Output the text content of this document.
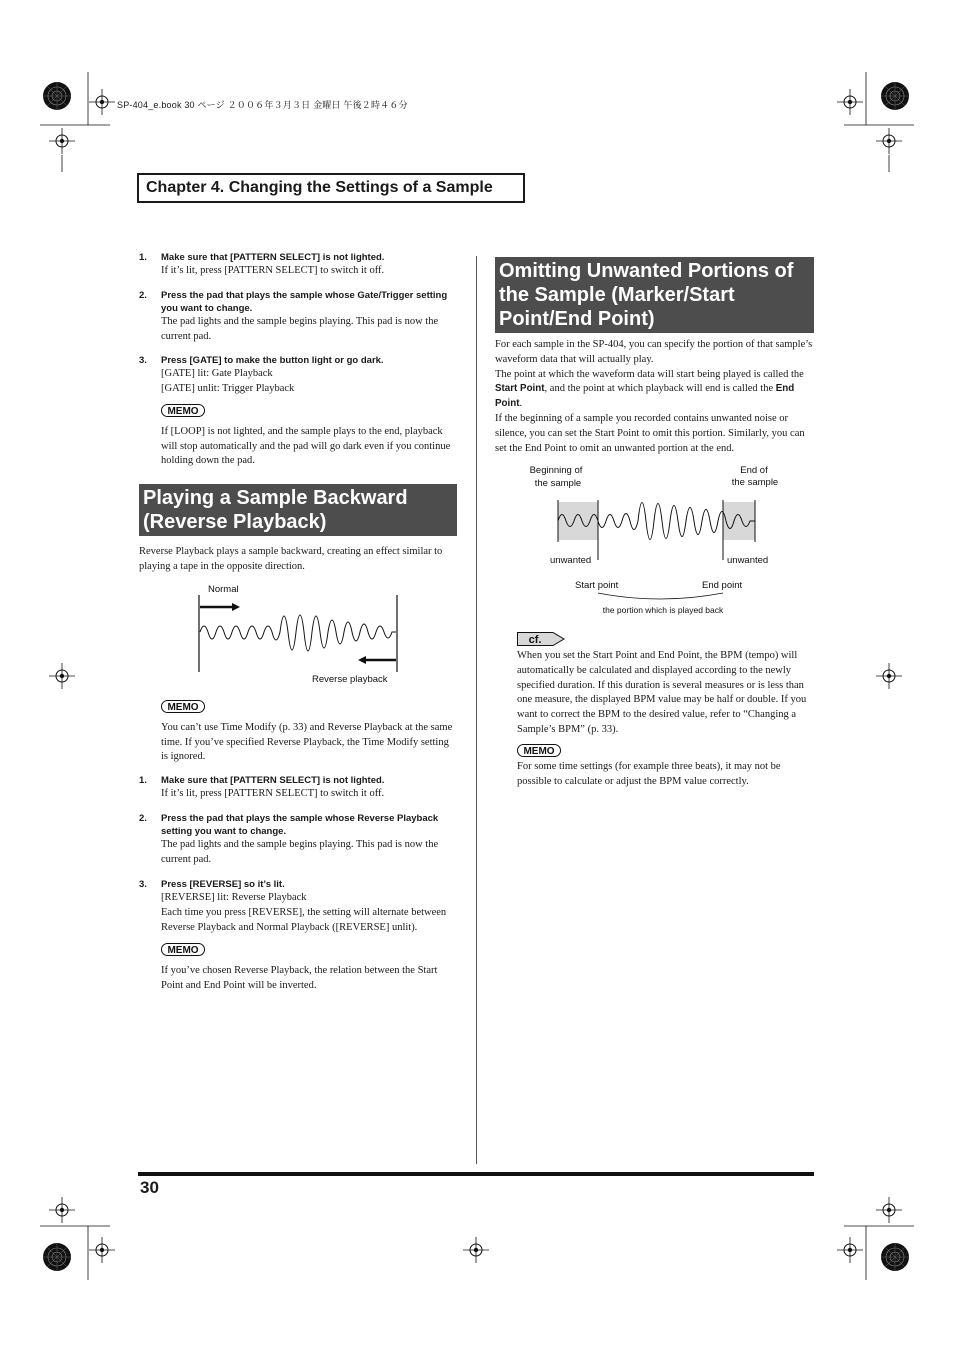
SP-404_e.book 30 ページ ２００６年３月３日 金曜日 午後２時４６分
Chapter 4. Changing the Settings of a Sample
1. Make sure that [PATTERN SELECT] is not lighted.
If it’s lit, press [PATTERN SELECT] to switch it off.
2. Press the pad that plays the sample whose Gate/Trigger setting you want to change.
The pad lights and the sample begins playing. This pad is now the current pad.
3. Press [GATE] to make the button light or go dark.
[GATE] lit: Gate Playback
[GATE] unlit: Trigger Playback
MEMO
If [LOOP] is not lighted, and the sample plays to the end, playback will stop automatically and the pad will go dark even if you continue holding down the pad.
Playing a Sample Backward (Reverse Playback)
Reverse Playback plays a sample backward, creating an effect similar to playing a tape in the opposite direction.
Normal
Reverse playback
MEMO
You can’t use Time Modify (p. 33) and Reverse Playback at the same time. If you’ve specified Reverse Playback, the Time Modify setting is ignored.
1. Make sure that [PATTERN SELECT] is not lighted.
If it’s lit, press [PATTERN SELECT] to switch it off.
2. Press the pad that plays the sample whose Reverse Playback setting you want to change.
The pad lights and the sample begins playing. This pad is now the current pad.
3. Press [REVERSE] so it’s lit.
[REVERSE] lit: Reverse Playback
Each time you press [REVERSE], the setting will alternate between Reverse Playback and Normal Playback ([REVERSE] unlit).
MEMO
If you’ve chosen Reverse Playback, the relation between the Start Point and End Point will be inverted.
Omitting Unwanted Portions of the Sample (Marker/Start Point/End Point)
For each sample in the SP-404, you can specify the portion of that sample’s waveform data that will actually play.
The point at which the waveform data will start being played is called the Start Point, and the point at which playback will end is called the End Point.
If the beginning of a sample you recorded contains unwanted noise or silence, you can set the Start Point to omit this portion. Similarly, you can set the End Point to omit an unwanted portion at the end.
Beginning of
the sample
End of
the sample
unwanted	unwanted
Start point	End point
the portion which is played back
cf.
When you set the Start Point and End Point, the BPM (tempo) will automatically be calculated and displayed according to the newly specified duration. If this duration is several measures or is less than one measure, the displayed BPM value may be half or double. If you want to correct the BPM to the desired value, refer to “Changing a Sample’s BPM” (p. 33).
MEMO
For some time settings (for example three beats), it may not be possible to calculate or adjust the BPM value correctly.
30
